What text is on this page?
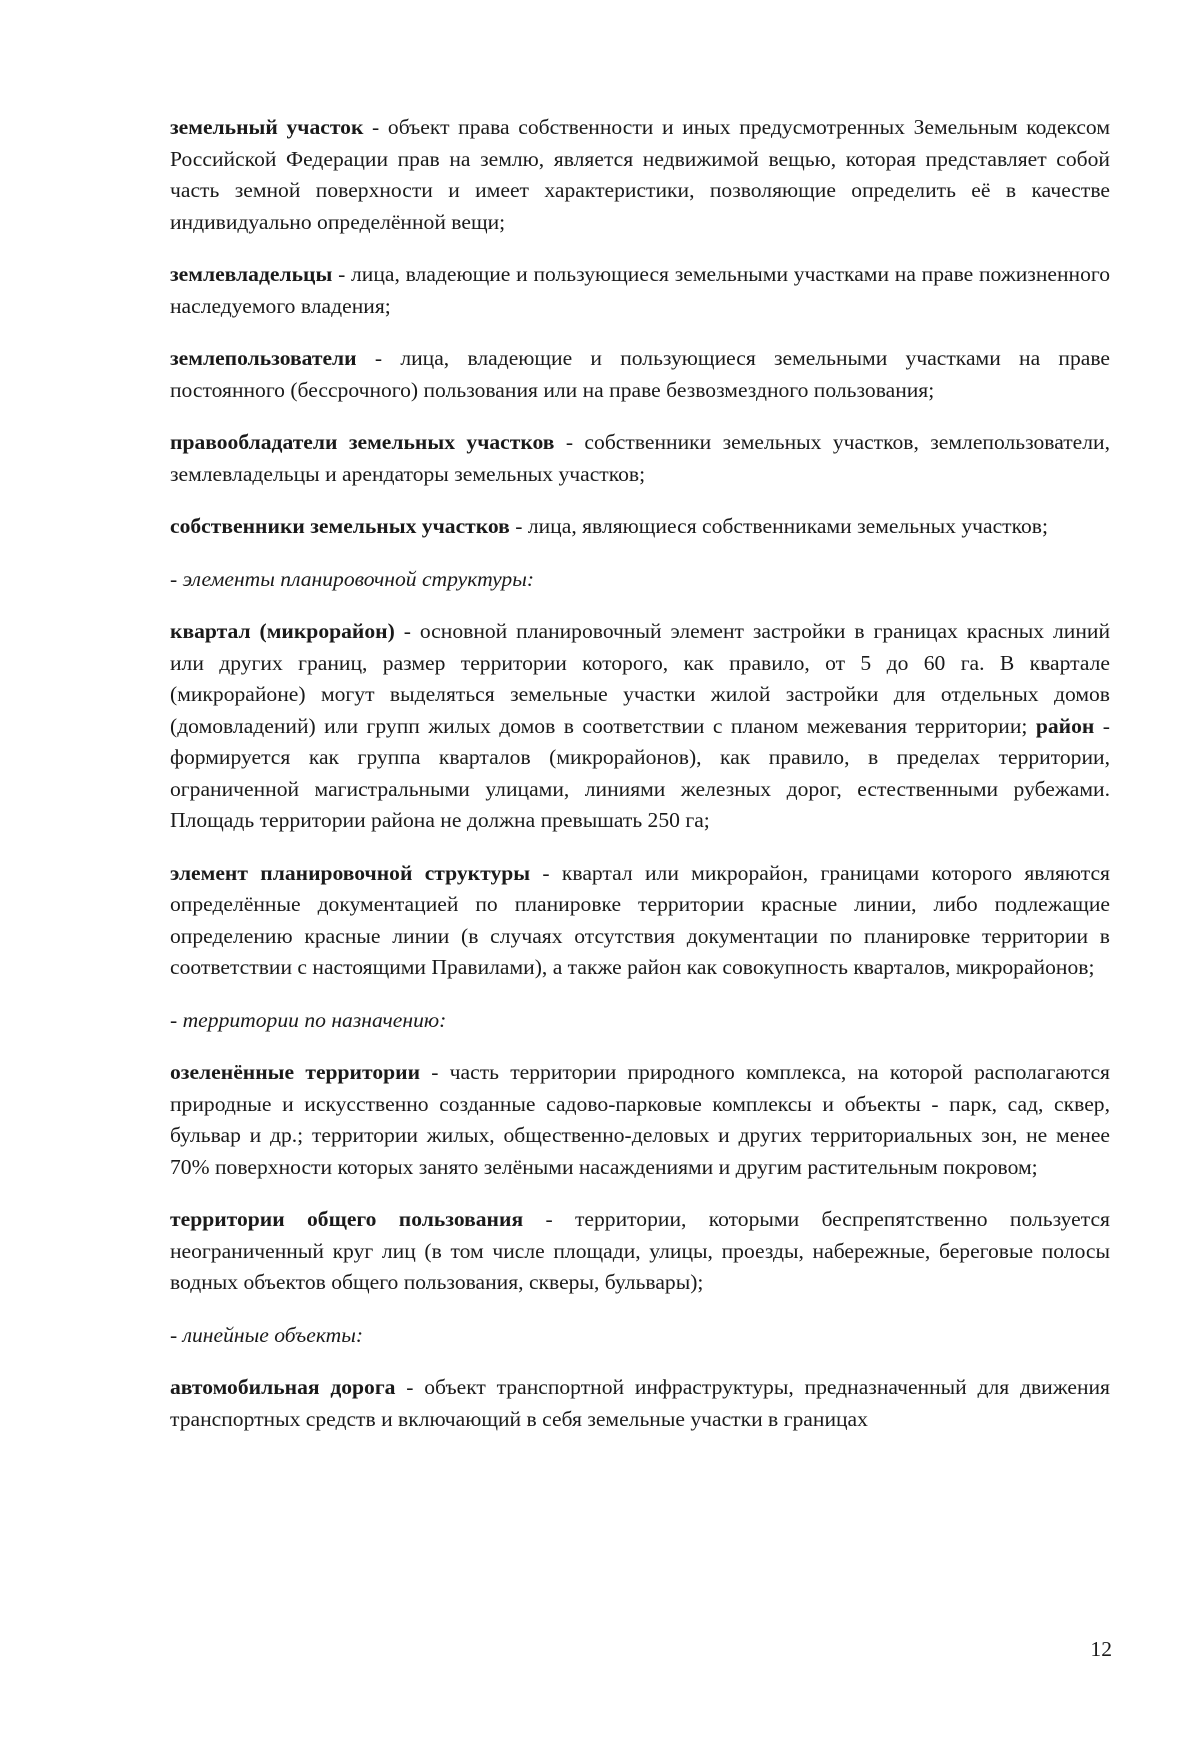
земельный участок - объект права собственности и иных предусмотренных Земельным кодексом Российской Федерации прав на землю, является недвижимой вещью, которая представляет собой часть земной поверхности и имеет характеристики, позволяющие определить её в качестве индивидуально определённой вещи;

землевладельцы - лица, владеющие и пользующиеся земельными участками на праве пожизненного наследуемого владения;

землепользователи - лица, владеющие и пользующиеся земельными участками на праве постоянного (бессрочного) пользования или на праве безвозмездного пользования;

правообладатели земельных участков - собственники земельных участков, землепользователи, землевладельцы и арендаторы земельных участков;

собственники земельных участков - лица, являющиеся собственниками земельных участков;

- элементы планировочной структуры:

квартал (микрорайон) - основной планировочный элемент застройки в границах красных линий или других границ, размер территории которого, как правило, от 5 до 60 га. В квартале (микрорайоне) могут выделяться земельные участки жилой застройки для отдельных домов (домовладений) или групп жилых домов в соответствии с планом межевания территории; район - формируется как группа кварталов (микрорайонов), как правило, в пределах территории, ограниченной магистральными улицами, линиями железных дорог, естественными рубежами. Площадь территории района не должна превышать 250 га;

элемент планировочной структуры - квартал или микрорайон, границами которого являются определённые документацией по планировке территории красные линии, либо подлежащие определению красные линии (в случаях отсутствия документации по планировке территории в соответствии с настоящими Правилами), а также район как совокупность кварталов, микрорайонов;

- территории по назначению:

озеленённые территории - часть территории природного комплекса, на которой располагаются природные и искусственно созданные садово-парковые комплексы и объекты - парк, сад, сквер, бульвар и др.; территории жилых, общественно-деловых и других территориальных зон, не менее 70% поверхности которых занято зелёными насаждениями и другим растительным покровом;

территории общего пользования - территории, которыми беспрепятственно пользуется неограниченный круг лиц (в том числе площади, улицы, проезды, набережные, береговые полосы водных объектов общего пользования, скверы, бульвары);

- линейные объекты:

автомобильная дорога - объект транспортной инфраструктуры, предназначенный для движения транспортных средств и включающий в себя земельные участки в границах

12
